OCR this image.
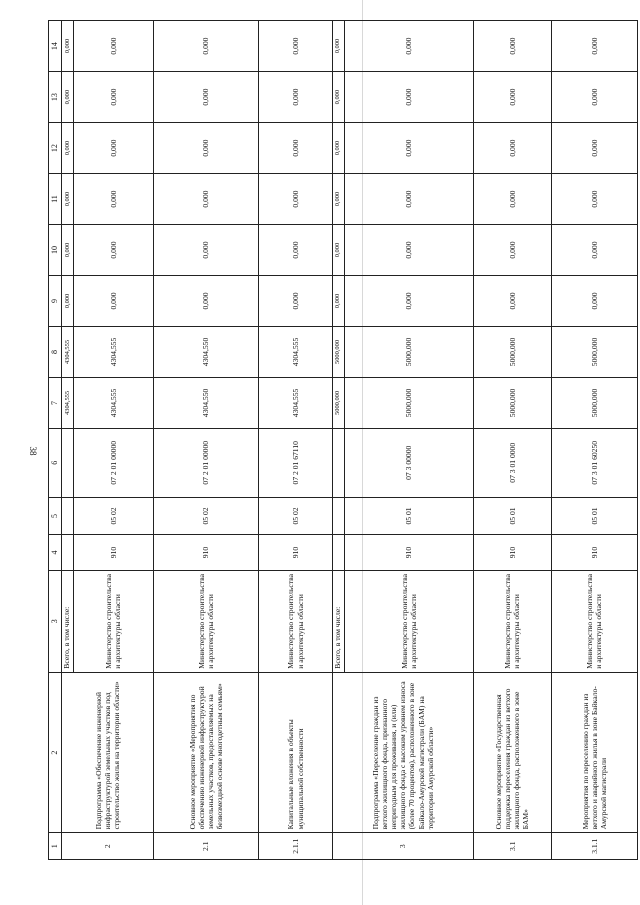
38
1	2	3	4	5	6	7	8	9	10	11	12	13	14
2	Подпрограмма «Обеспечение инженерной инфраструктурой земельных участков под строительство жилья на территории области»	Всего, в том числе:				4304,555	4304,555	0,000	0,000	0,000	0,000	0,000	0,000
		Министерство строительства и архитектуры области	910	05 02	07 2 01 00000	4304,555	4304,555	0,000	0,000	0,000	0,000	0,000	0,000
2.1	Основное мероприятие «Мероприятия по обеспечению инженерной инфраструктурой земельных участков, предоставляемых на безвозмездной основе многодетным семьям»	Министерство строительства и архитектуры области	910	05 02	07 2 01 00000	4304,550	4304,550	0,000	0,000	0,000	0,000	0,000	0,000
2.1.1	Капитальные вложения в объекты муниципальной собственности	Министерство строительства и архитектуры области	910	05 02	07 2 01 67110	4304,555	4304,555	0,000	0,000	0,000	0,000	0,000	0,000
3	Подпрограмма «Переселение граждан из ветхого жилищного фонда, признанного непригодным для проживания, и (или) жилищного фонда с высоким уровнем износа (более 70 процентов), расположенного в зоне Байкало-Амурской магистрали (БАМ) на территории Амурской области»	Всего, в том числе:				5000,000	5000,000	0,000	0,000	0,000	0,000	0,000	0,000
		Министерство строительства и архитектуры области	910	05 01	07 3 00000	5000,000	5000,000	0,000	0,000	0,000	0,000	0,000	0,000
3.1	Основное мероприятие «Государственная поддержка переселения граждан из ветхого жилищного фонда, расположенного в зоне БАМ»	Министерство строительства и архитектуры области	910	05 01	07 3 01 0000	5000,000	5000,000	0,000	0,000	0,000	0,000	0,000	0,000
3.1.1	Мероприятия по переселению граждан из ветхого и аварийного жилья в зоне Байкало-Амурской магистрали	Министерство строительства и архитектуры области	910	05 01	07 3 01 60250	5000,000	5000,000	0,000	0,000	0,000	0,000	0,000	0,000
